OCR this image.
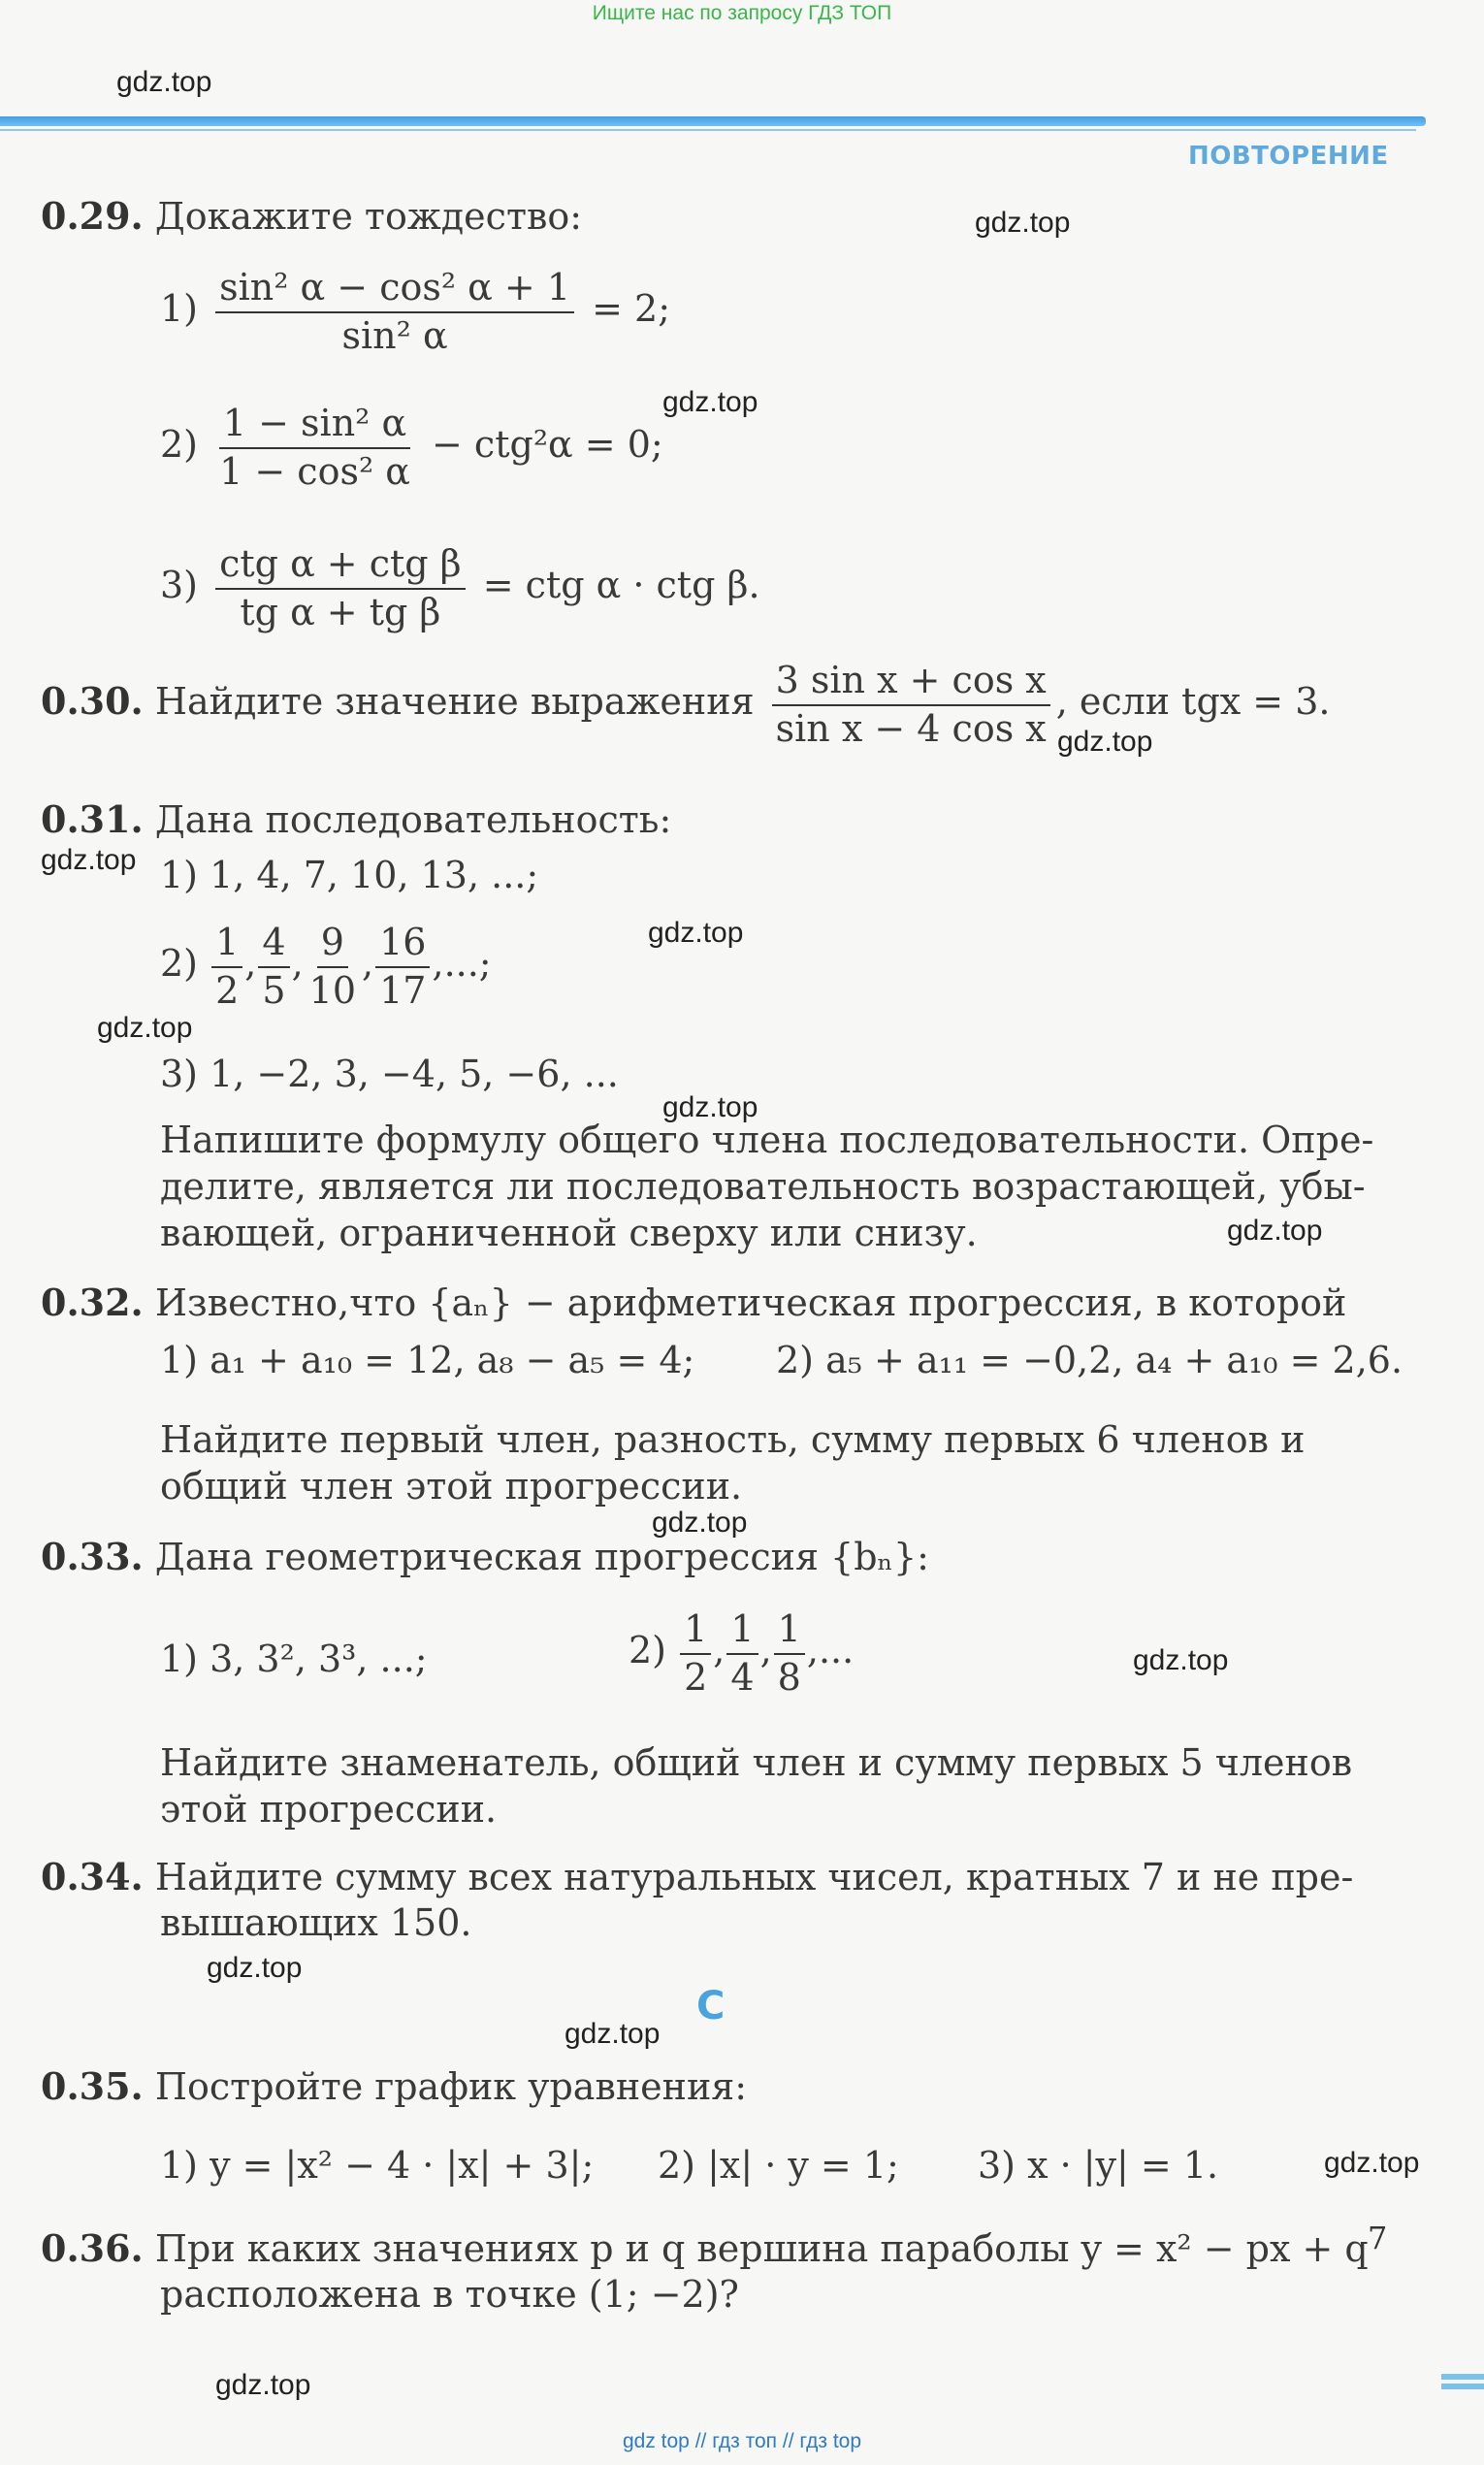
Ищите нас по запросу ГДЗ ТОП
gdz.top
ПОВТОРЕНИЕ
0.29. Докажите тождество:	gdz.top
$1) \frac{\text{sin² α − cos² α + 1}}{\text{sin² α}} = 2$;
gdz.top
$2) \frac{\text{1 − sin² α}}{\text{1 − cos² α}} - ctg^2\alpha = 0$;
$3) \frac{\text{ctg α + ctg β}}{\text{tg α + tg β}}$ = ctg α · ctg β.
0.30. Найдите значение выражения $\frac{\text{3 sin x + cos x}}{\text{sin x − 4 cos x}}$ , если tgx = 3.
gdz.top
0.31. Дана последовательность:
gdz.top 1) 1, 4, 7, 10, 13, ...;
gdz.top
$2) \frac{1}{2}$ , $\frac{4}{5}$ , $\frac{9}{10}$ , $\frac{16}{17}$ ,...;
gdz.top
3) 1, −2, 3, −4, 5, −6, ...
gdz.top
Напишите формулу общего члена последовательности. Опре-
делите, является ли последовательность возрастающей, убы-
gdz.top
вающей, ограниченной сверху или снизу.
0.32. Известно,что {aₙ} − арифметическая прогрессия, в которой
1) a₁ + a₁₀ = 12, a₈ − a₅ = 4; 2) a₅ + a₁₁ = −0,2, a₄ + a₁₀ = 2,6.
Найдите первый член, разность, сумму первых 6 членов и
общий член этой прогрессии.
gdz.top
0.33. Дана геометрическая прогрессия {bₙ}:
1) 3, 3², 3³, ...;	$2) \frac{1}{2}$ , $\frac{1}{4}$ , $\frac{1}{8}$ ,...	gdz.top
Найдите знаменатель, общий член и сумму первых 5 членов
этой прогрессии.
0.34. Найдите сумму всех натуральных чисел, кратных 7 и не пре-
вышающих 150.
gdz.top
C
gdz.top
0.35. Постройте график уравнения:
1) y = |x² − 4 · |x| + 3|; 2) |x| · y = 1; 3) x · |y| = 1.	gdz.top
0.36. При каких значениях p и q вершина параболы y = x² − px + q
расположена в точке (1; −2)?
gdz.top
7
gdz top // гдз топ // гдз top
